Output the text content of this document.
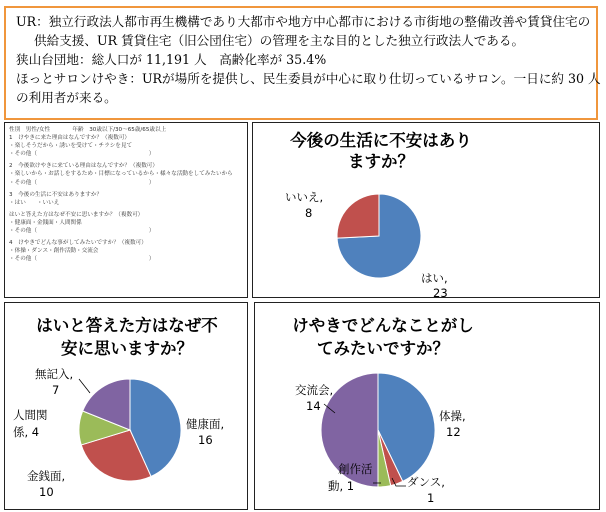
UR：独立行政法人都市再生機構であり大都市や地方中心都市における市街地の整備改善や賃貸住宅の

供給支援、UR 賃貸住宅（旧公団住宅）の管理を主な目的とした独立行政法人である。

狭山台団地：総人口が 11,191 人　高齢化率が 35.4%

ほっとサロンけやき：URが場所を提供し、民生委員が中心に取り仕切っているサロン。一日に約 30 人

の利用者が来る。

性別　男性/女性　　　　年齢　30歳以下/30～65歳/65歳以上
1　けやきに来た理由はなんですか？（複数可）
・楽しそうだから・誘いを受けて・チラシを見て
・その他（　　　　　　　　　　　　　　　　　　　　）
2　今後欲けやきに来ている理由はなんですか？（複数可）
・楽しいから・お話しをするため・目標になっているから・様々な活動をしてみたいから
・その他（　　　　　　　　　　　　　　　　　　　　）
3　今後の生活に不安はありますか？
・はい　　・いいえ
はいと答えた方はなぜ不安に思いますか？（複数可）
・健康面・金銭面・人間関係
・その他（　　　　　　　　　　　　　　　　　　　　）
4　けやきでどんな事がしてみたいですか？（複数可）
・体操・ダンス・創作活動・交流会
・その他（　　　　　　　　　　　　　　　　　　　　）
今後の生活に不安はあり
ますか？
はい,
23
いいえ,
8
はいと答えた方はなぜ不
安に思いますか？
健康面,
16
金銭面,
10
人間関
係, 4
無記入,
7
けやきでどんなことがし
てみたいですか？
体操,
12
ダンス,
1
創作活
動, 1
交流会,
14
